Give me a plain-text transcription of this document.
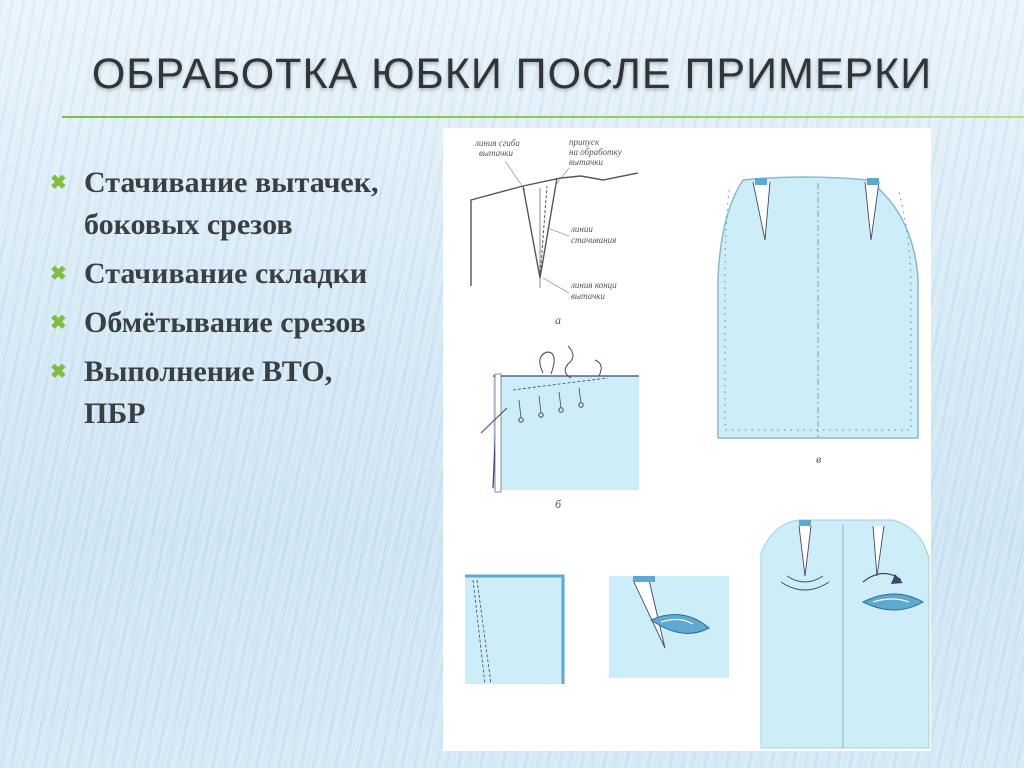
ОБРАБОТКА ЮБКИ ПОСЛЕ ПРИМЕРКИ
✖ Стачивание вытачек, боковых срезов
✖ Стачивание складки
✖ Обмётывание срезов
✖ Выполнение ВТО, ПБР
линия сгиба
вытачки
припуск
на обработку
вытачки
линии
стачивания
линия конца
вытачки
а
в
б
